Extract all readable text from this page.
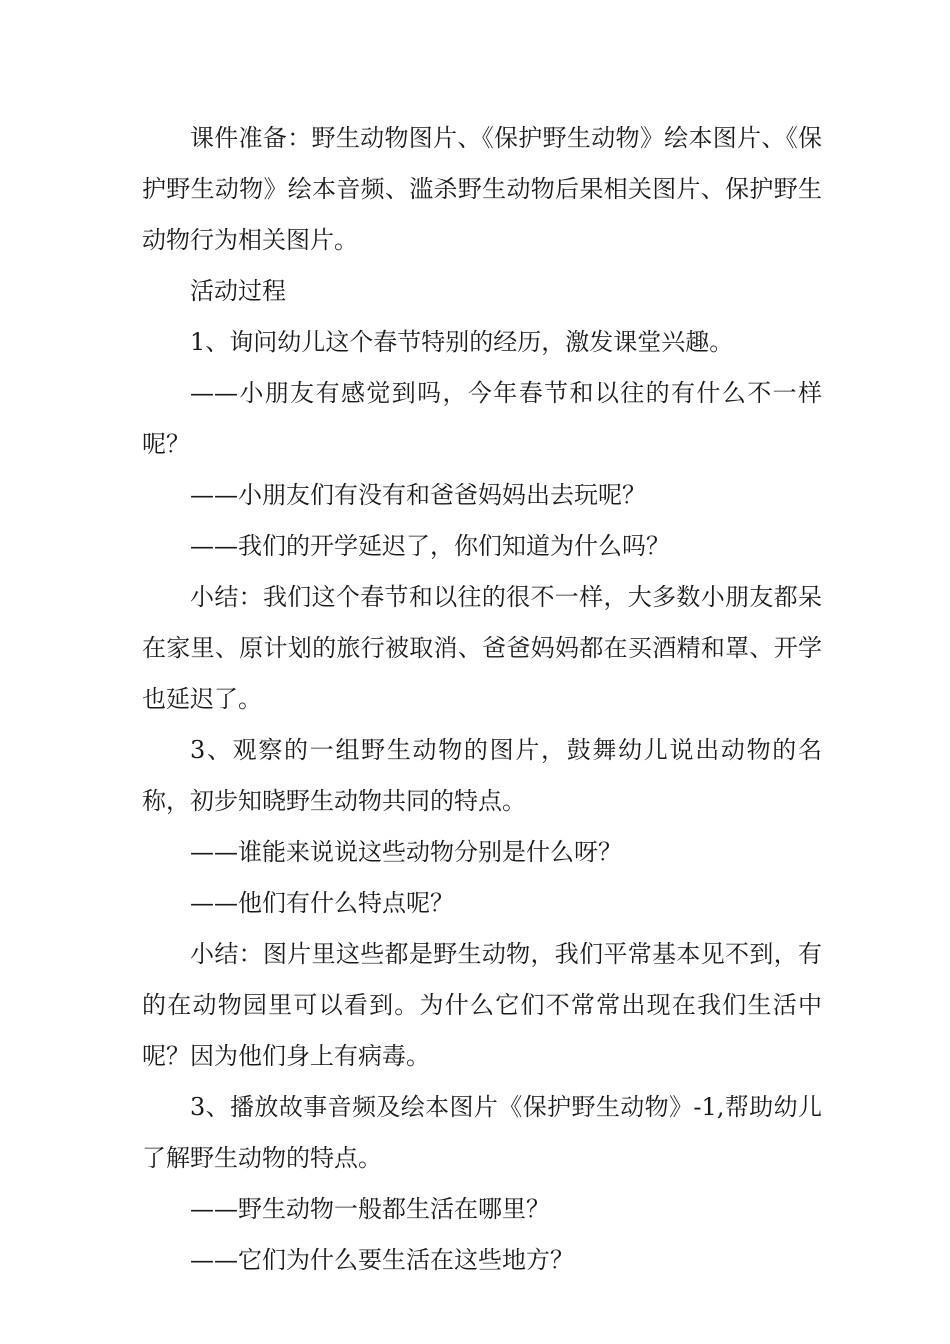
课件准备：野生动物图片、《保护野生动物》绘本图片、《保护野生动物》绘本音频、滥杀野生动物后果相关图片、保护野生动物行为相关图片。

活动过程

1、询问幼儿这个春节特别的经历，激发课堂兴趣。

——小朋友有感觉到吗，今年春节和以往的有什么不一样呢？

——小朋友们有没有和爸爸妈妈出去玩呢？

——我们的开学延迟了，你们知道为什么吗？

小结：我们这个春节和以往的很不一样，大多数小朋友都呆在家里、原计划的旅行被取消、爸爸妈妈都在买酒精和罩、开学也延迟了。

3、观察的一组野生动物的图片，鼓舞幼儿说出动物的名称，初步知晓野生动物共同的特点。

——谁能来说说这些动物分别是什么呀？

——他们有什么特点呢？

小结：图片里这些都是野生动物，我们平常基本见不到，有的在动物园里可以看到。为什么它们不常常出现在我们生活中呢？因为他们身上有病毒。

3、播放故事音频及绘本图片《保护野生动物》-1,帮助幼儿了解野生动物的特点。

——野生动物一般都生活在哪里？

——它们为什么要生活在这些地方？
